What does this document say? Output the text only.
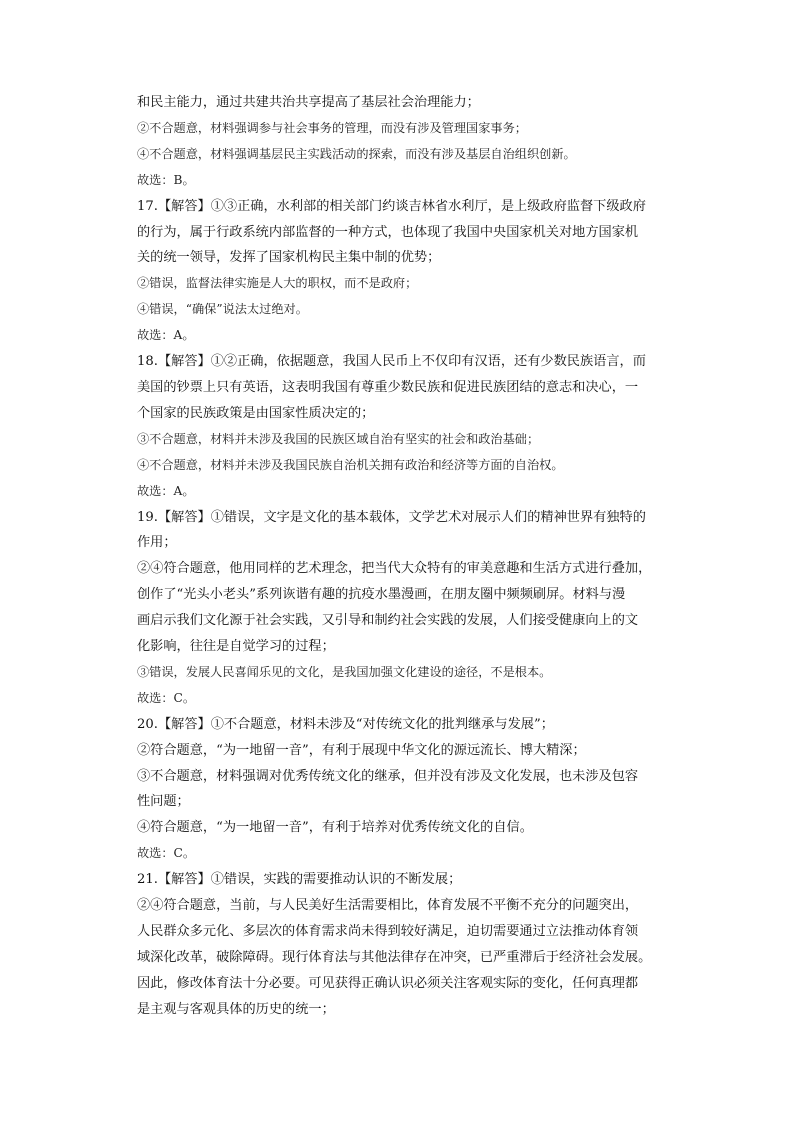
和民主能力，通过共建共治共享提高了基层社会治理能力；
②不合题意，材料强调参与社会事务的管理，而没有涉及管理国家事务；
④不合题意，材料强调基层民主实践活动的探索，而没有涉及基层自治组织创新。
故选：B。
17.【解答】①③正确，水利部的相关部门约谈吉林省水利厅，是上级政府监督下级政府
的行为，属于行政系统内部监督的一种方式，也体现了我国中央国家机关对地方国家机
关的统一领导，发挥了国家机构民主集中制的优势；
②错误，监督法律实施是人大的职权，而不是政府；
④错误，“确保”说法太过绝对。
故选：A。
18.【解答】①②正确，依据题意，我国人民币上不仅印有汉语，还有少数民族语言，而
美国的钞票上只有英语，这表明我国有尊重少数民族和促进民族团结的意志和决心，一
个国家的民族政策是由国家性质决定的；
③不合题意，材料并未涉及我国的民族区域自治有坚实的社会和政治基础；
④不合题意，材料并未涉及我国民族自治机关拥有政治和经济等方面的自治权。
故选：A。
19.【解答】①错误，文字是文化的基本载体，文学艺术对展示人们的精神世界有独特的
作用；
②④符合题意，他用同样的艺术理念，把当代大众特有的审美意趣和生活方式进行叠加，
创作了“光头小老头”系列诙谐有趣的抗疫水墨漫画，在朋友圈中频频刷屏。材料与漫
画启示我们文化源于社会实践，又引导和制约社会实践的发展，人们接受健康向上的文
化影响，往往是自觉学习的过程；
③错误，发展人民喜闻乐见的文化，是我国加强文化建设的途径，不是根本。
故选：C。
20.【解答】①不合题意，材料未涉及“对传统文化的批判继承与发展”；
②符合题意，“为一地留一音”，有利于展现中华文化的源远流长、博大精深；
③不合题意，材料强调对优秀传统文化的继承，但并没有涉及文化发展，也未涉及包容
性问题；
④符合题意，“为一地留一音”，有利于培养对优秀传统文化的自信。
故选：C。
21.【解答】①错误，实践的需要推动认识的不断发展；
②④符合题意，当前，与人民美好生活需要相比，体育发展不平衡不充分的问题突出，
人民群众多元化、多层次的体育需求尚未得到较好满足，迫切需要通过立法推动体育领
域深化改革，破除障碍。现行体育法与其他法律存在冲突，已严重滞后于经济社会发展。
因此，修改体育法十分必要。可见获得正确认识必须关注客观实际的变化，任何真理都
是主观与客观具体的历史的统一；
